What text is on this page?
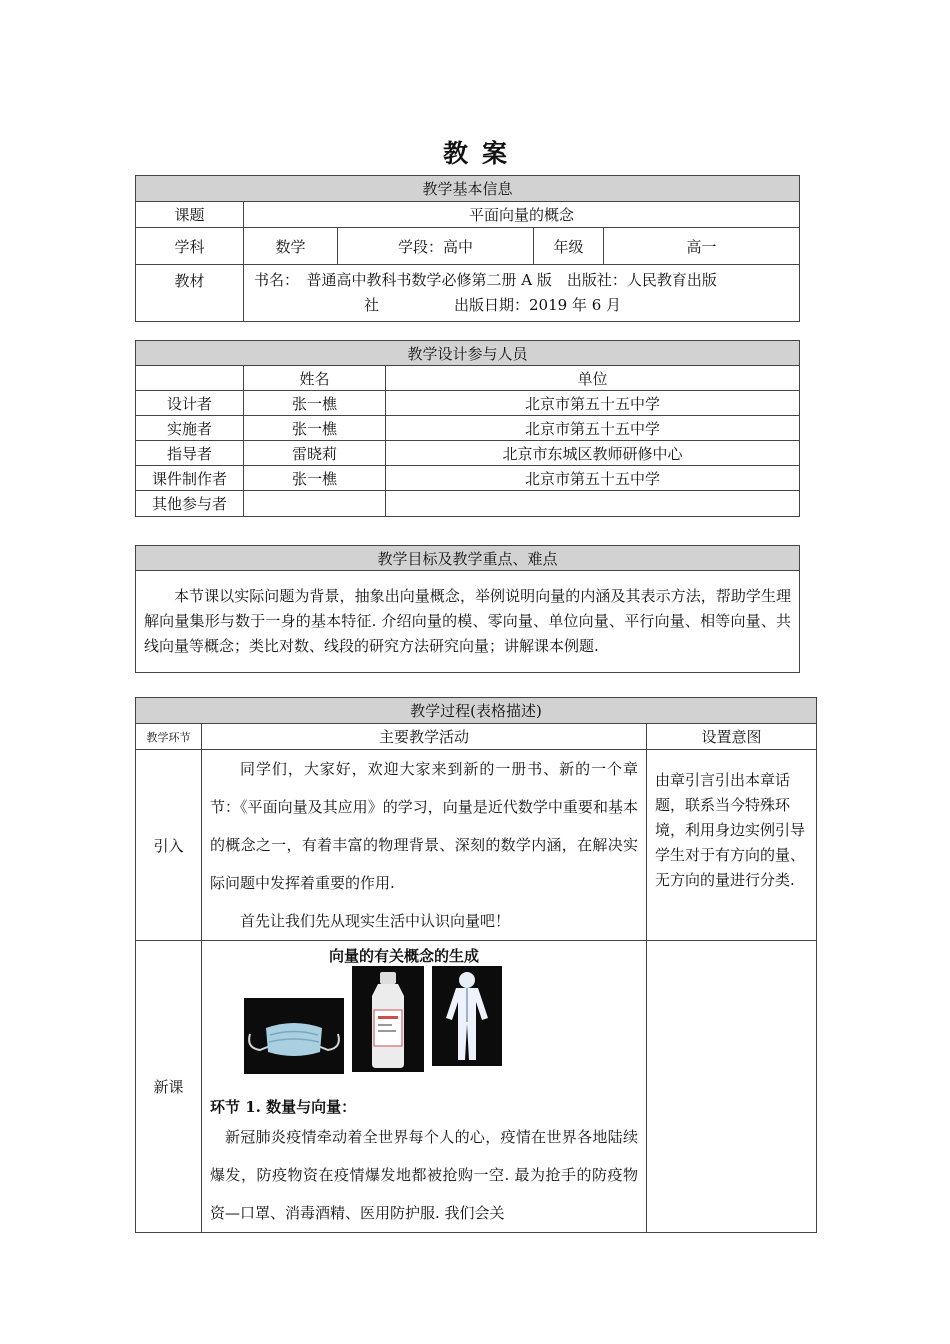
教案
教学基本信息				
课题	平面向量的概念			
学科	数学	学段：高中	年级	高一
教材	书名：　普通高中教科书数学必修第二册 A 版　出版社：人民教育出版
社　　　　　出版日期：2019 年 6 月			
教学设计参与人员		
	姓名	单位
设计者	张一樵	北京市第五十五中学
实施者	张一樵	北京市第五十五中学
指导者	雷晓莉	北京市东城区教师研修中心
课件制作者	张一樵	北京市第五十五中学
其他参与者		
教学目标及教学重点、难点
本节课以实际问题为背景，抽象出向量概念，举例说明向量的内涵及其表示方法，帮助学生理解向量集形与数于一身的基本特征. 介绍向量的模、零向量、单位向量、平行向量、相等向量、共线向量等概念；类比对数、线段的研究方法研究向量；讲解课本例题.
教学过程(表格描述)		
教学环节	主要教学活动	设置意图
引入	同学们，大家好，欢迎大家来到新的一册书、新的一个章节：《平面向量及其应用》的学习，向量是近代数学中重要和基本的概念之一，有着丰富的物理背景、深刻的数学内涵，在解决实际问题中发挥着重要的作用.

首先让我们先从现实生活中认识向量吧！	由章引言引出本章话题，联系当今特殊环境，利用身边实例引导学生对于有方向的量、无方向的量进行分类.
新课	向量的有关概念的生成
环节 1. 数量与向量：

新冠肺炎疫情牵动着全世界每个人的心，疫情在世界各地陆续爆发，防疫物资在疫情爆发地都被抢购一空. 最为抢手的防疫物资—口罩、消毒酒精、医用防护服. 我们会关	
